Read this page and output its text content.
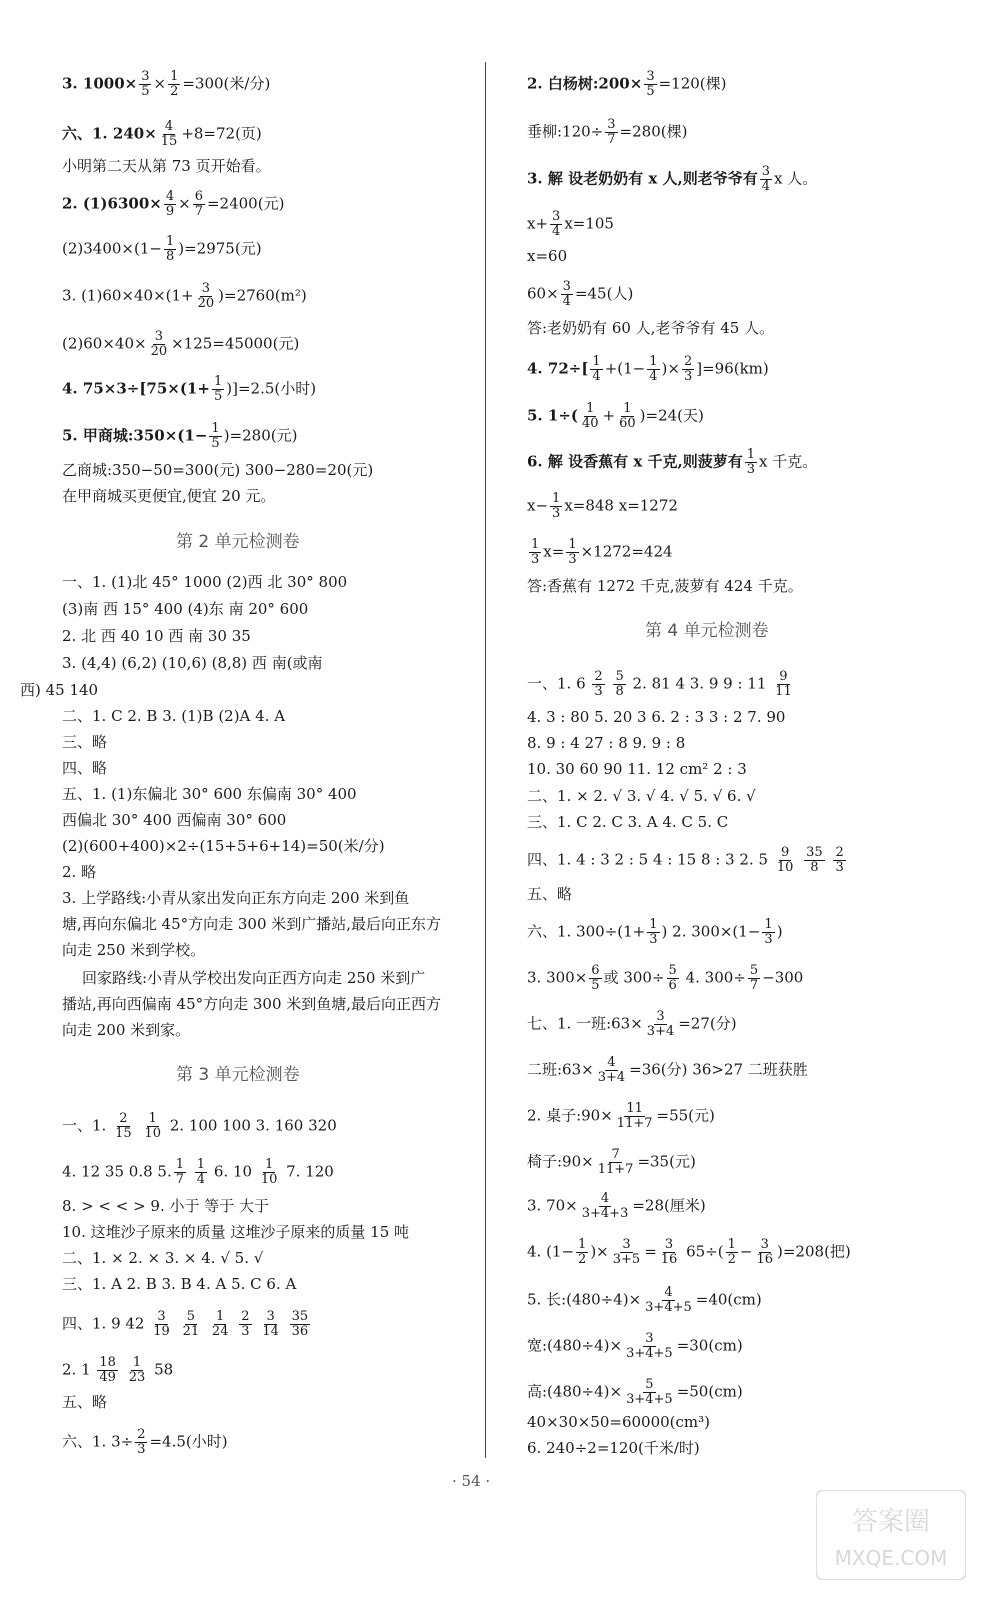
3. $1000\times \frac{3}{5} \times \frac{1}{2} =300$(米/分)
六、1. $240\times \frac{4}{15} +8=72$(页)
小明第二天从第 73 页开始看。
2. $(1)6300\times \frac{4}{9} \times \frac{6}{7} =2400$(元)
$(2)3400\times(1- \frac{1}{8} )=2975$(元)
3. $(1)60\times 40\times(1+ \frac{3}{20} )=2760(m^2)$
$(2)60\times 40\times \frac{3}{20} \times 125=45000$(元)
4. $75\times 3\div[75\times(1+ \frac{1}{5} )]=2.5$(小时)
5. 甲商城:350×(1− $\frac{1}{5} )=280$(元)
乙商城:350−50=300(元) 300−280=20(元)
在甲商城买更便宜,便宜 20 元。
第 2 单元检测卷
一、1. (1)北 45° 1000 (2)西 北 30° 800
(3)南 西 15° 400 (4)东 南 20° 600
2. 北 西 40 10 西 南 30 35
3. (4,4) (6,2) (10,6) (8,8) 西 南(或南
西) 45 140
二、1. C 2. B 3. (1)B (2)A 4. A
三、略
四、略
五、1. (1)东偏北 30° 600 东偏南 30° 400
西偏北 30° 400 西偏南 30° 600
(2)(600+400)×2÷(15+5+6+14)=50(米/分)
2. 略
3. 上学路线:小青从家出发向正东方向走 200 米到鱼
塘,再向东偏北 45°方向走 300 米到广播站,最后向正东方
向走 250 米到学校。
回家路线:小青从学校出发向正西方向走 250 米到广
播站,再向西偏南 45°方向走 300 米到鱼塘,最后向正西方
向走 200 米到家。
第 3 单元检测卷
一、1. $\frac{2}{15}$
$\frac{1}{10} 2$. 100 100 3. 160 320
4. 12 35 0.8 5. $\frac{1}{7}$
$\frac{1}{4} 6$. $10 \frac{1}{10} 7$. 120
8. > < < > 9. 小于 等于 大于
10. 这堆沙子原来的质量 这堆沙子原来的质量 15 吨
二、1. × 2. × 3. × 4. √ 5. √
三、1. A 2. B 3. B 4. A 5. C 6. A
四、1. 9 $42 \frac{3}{19}$
$\frac{5}{21}$
$\frac{1}{24}$
$\frac{2}{3}$
$\frac{3}{14}$
$\frac{35}{36}$
2. $1 \frac{18}{49}$
$\frac{1}{23} 58$
五、略
六、1. $3\div \frac{2}{3} =4.5$(小时)
2. 白杨树:200× $\frac{3}{5} =120$(棵)
垂柳:120÷ $\frac{3}{7} =280$(棵)
3. 解 设老奶奶有 x 人,则老爷爷有 $\frac{3}{4}$ x 人。
$x+ \frac{3}{4} x=105$
x=60
$60\times \frac{3}{4} =45$(人)
答:老奶奶有 60 人,老爷爷有 45 人。
4. $72\div[ \frac{1}{4} +(1- \frac{1}{4}$ )× $\frac{2}{3} ]=96(km)$
5. $1\div( \frac{1}{40} + \frac{1}{60} )=24$(天)
6. 解 设香蕉有 x 千克,则菠萝有 $\frac{1}{3}$ x 千克。
$x- \frac{1}{3} x=848$ x=1272
$\frac{1}{3} x= \frac{1}{3} \times 1272=424$
答:香蕉有 1272 千克,菠萝有 424 千克。
第 4 单元检测卷
一、1. $6 \frac{2}{3}$
$\frac{5}{8} 2$. 81 4 3. 9 9 : $11 \frac{9}{11}$
4. 3 : 80 5. 20 3 6. 2 : 3 3 : 2 7. 90
8. 9 : 4 27 : 8 9. 9 : 8
10. 30 60 90 11. 12 cm² 2 : 3
二、1. × 2. √ 3. √ 4. √ 5. √ 6. √
三、1. C 2. C 3. A 4. C 5. C
四、1. 4 : 3 2 : 5 4 : 15 8 : 3 2. $5 \frac{9}{10}$
$\frac{35}{8}$
$\frac{2}{3}$
五、略
六、1. $300\div(1+ \frac{1}{3}$ ) 2. $300\times(1- \frac{1}{3}$ )
3. $300\times \frac{6}{5}$ 或 $300\div \frac{5}{6} 4$. $300\div \frac{5}{7} -300$
七、1. 一班:63× $\frac{3}{3+4} =27$(分)
二班:63× $\frac{4}{3+4} =36$(分) 36>27 二班获胜
2. 桌子:90× $\frac{11}{11+7} =55$(元)
椅子:90× $\frac{7}{11+7} =35$(元)
3. $70\times \frac{4}{3+4+3} =28$(厘米)
4. ($1- \frac{1}{2}$ )× $\frac{3}{3+5} = \frac{3}{16} 65\div( \frac{1}{2} - \frac{3}{16} )=208$(把)
5. 长:(480÷4)× $\frac{4}{3+4+5} =40(cm)$
宽:(480÷4)× $\frac{3}{3+4+5} =30(cm)$
高:(480÷4)× $\frac{5}{3+4+5} =50(cm)$
40×30×50=60000(cm³)
6. 240÷2=120(千米/时)
· 54 ·
答案圈
MXQE.COM
